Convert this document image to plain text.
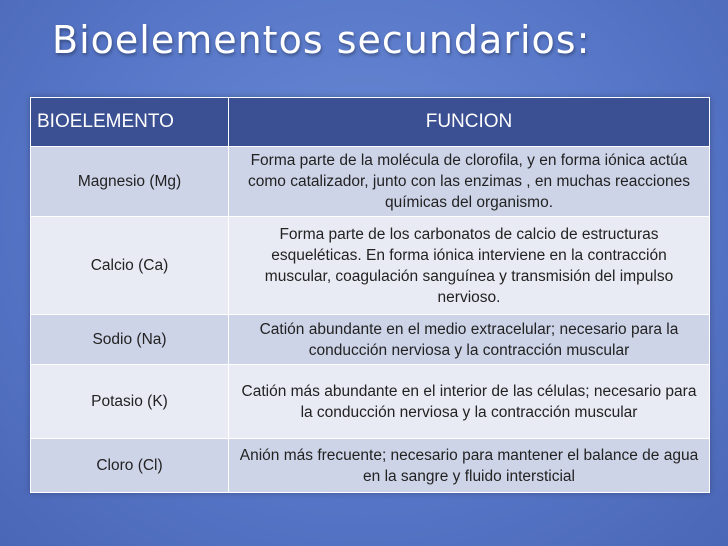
Bioelementos secundarios:
BIOELEMENTO	FUNCION
Magnesio (Mg)	Forma parte de la molécula de clorofila, y en forma iónica actúa como catalizador, junto con las enzimas , en muchas reacciones químicas del organismo.
Calcio (Ca)	Forma parte de los carbonatos de calcio de estructuras esqueléticas. En forma iónica interviene en la contracción muscular, coagulación sanguínea y transmisión del impulso nervioso.
Sodio (Na)	Catión abundante en el medio extracelular; necesario para la conducción nerviosa y la contracción muscular
Potasio (K)	Catión más abundante en el interior de las células; necesario para la conducción nerviosa y la contracción muscular
Cloro (Cl)	Anión más frecuente; necesario para mantener el balance de agua en la sangre y fluido intersticial
